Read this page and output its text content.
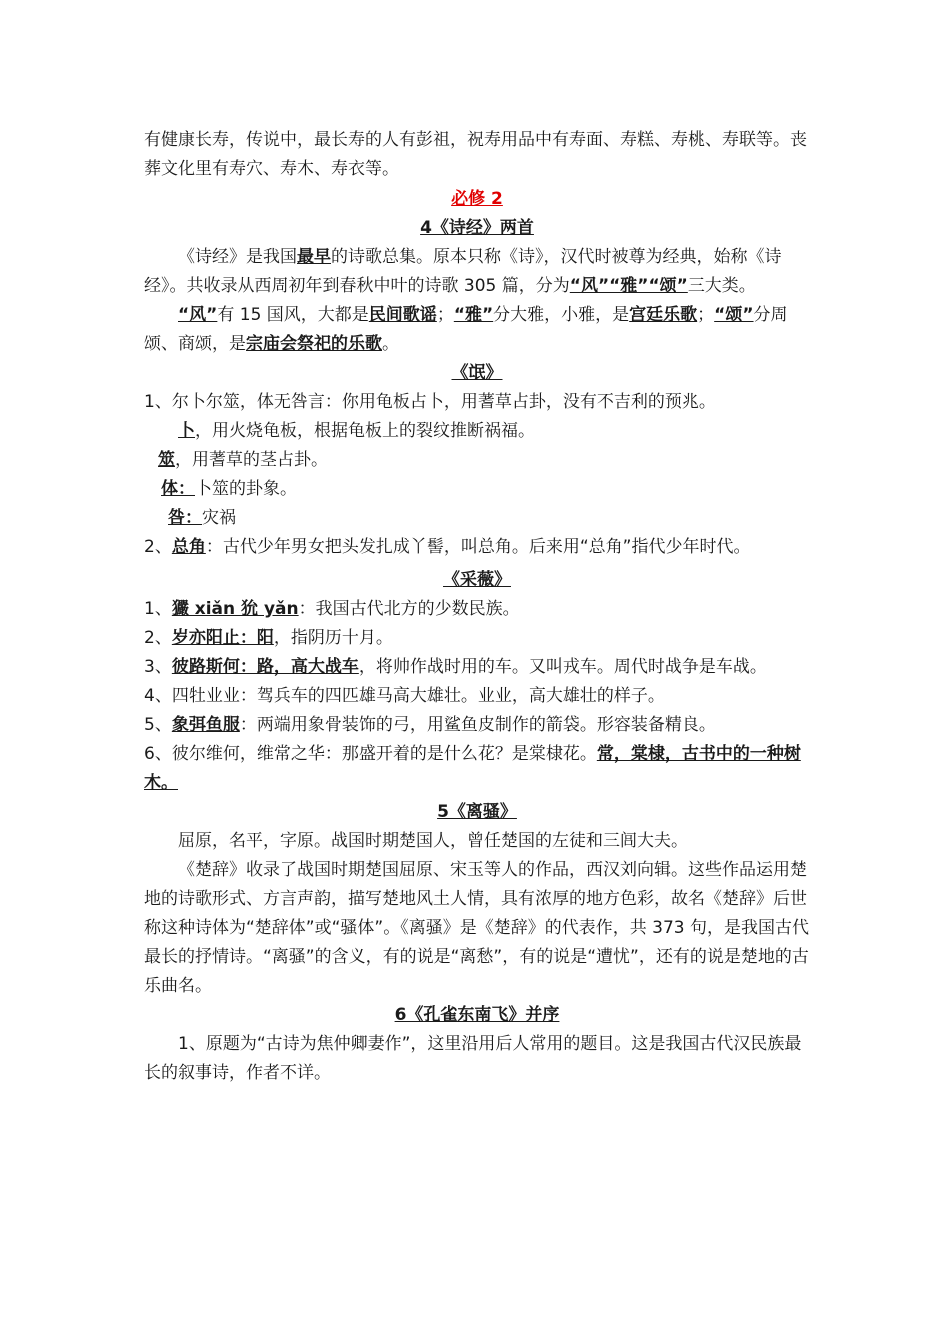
有健康长寿，传说中，最长寿的人有彭祖，祝寿用品中有寿面、寿糕、寿桃、寿联等。丧葬文化里有寿穴、寿木、寿衣等。

必修 2

4《诗经》两首

《诗经》是我国最早的诗歌总集。原本只称《诗》，汉代时被尊为经典，始称《诗经》。共收录从西周初年到春秋中叶的诗歌 305 篇，分为“风”“雅”“颂”三大类。

“风”有 15 国风，大都是民间歌谣；“雅”分大雅，小雅，是宫廷乐歌；“颂”分周颂、商颂，是宗庙会祭祀的乐歌。

《氓》

1、尔卜尔筮，体无咎言：你用龟板占卜，用蓍草占卦，没有不吉利的预兆。

卜，用火烧龟板，根据龟板上的裂纹推断祸福。

筮，用蓍草的茎占卦。

体：卜筮的卦象。

咎：灾祸

2、总角：古代少年男女把头发扎成丫髻，叫总角。后来用“总角”指代少年时代。

《采薇》

1、玁 xiǎn 狁 yǎn：我国古代北方的少数民族。

2、岁亦阳止：阳，指阴历十月。

3、彼路斯何：路，高大战车，将帅作战时用的车。又叫戎车。周代时战争是车战。

4、四牡业业：驾兵车的四匹雄马高大雄壮。业业，高大雄壮的样子。

5、象弭鱼服：两端用象骨装饰的弓，用鲨鱼皮制作的箭袋。形容装备精良。

6、彼尔维何，维常之华：那盛开着的是什么花？是棠棣花。常，棠棣，古书中的一种树木。

5《离骚》

屈原，名平，字原。战国时期楚国人，曾任楚国的左徒和三闾大夫。

《楚辞》收录了战国时期楚国屈原、宋玉等人的作品，西汉刘向辑。这些作品运用楚地的诗歌形式、方言声韵，描写楚地风土人情，具有浓厚的地方色彩，故名《楚辞》后世称这种诗体为“楚辞体”或“骚体”。《离骚》是《楚辞》的代表作，共 373 句，是我国古代最长的抒情诗。“离骚”的含义，有的说是“离愁”，有的说是“遭忧”，还有的说是楚地的古乐曲名。

6《孔雀东南飞》并序

1、原题为“古诗为焦仲卿妻作”，这里沿用后人常用的题目。这是我国古代汉民族最长的叙事诗，作者不详。
